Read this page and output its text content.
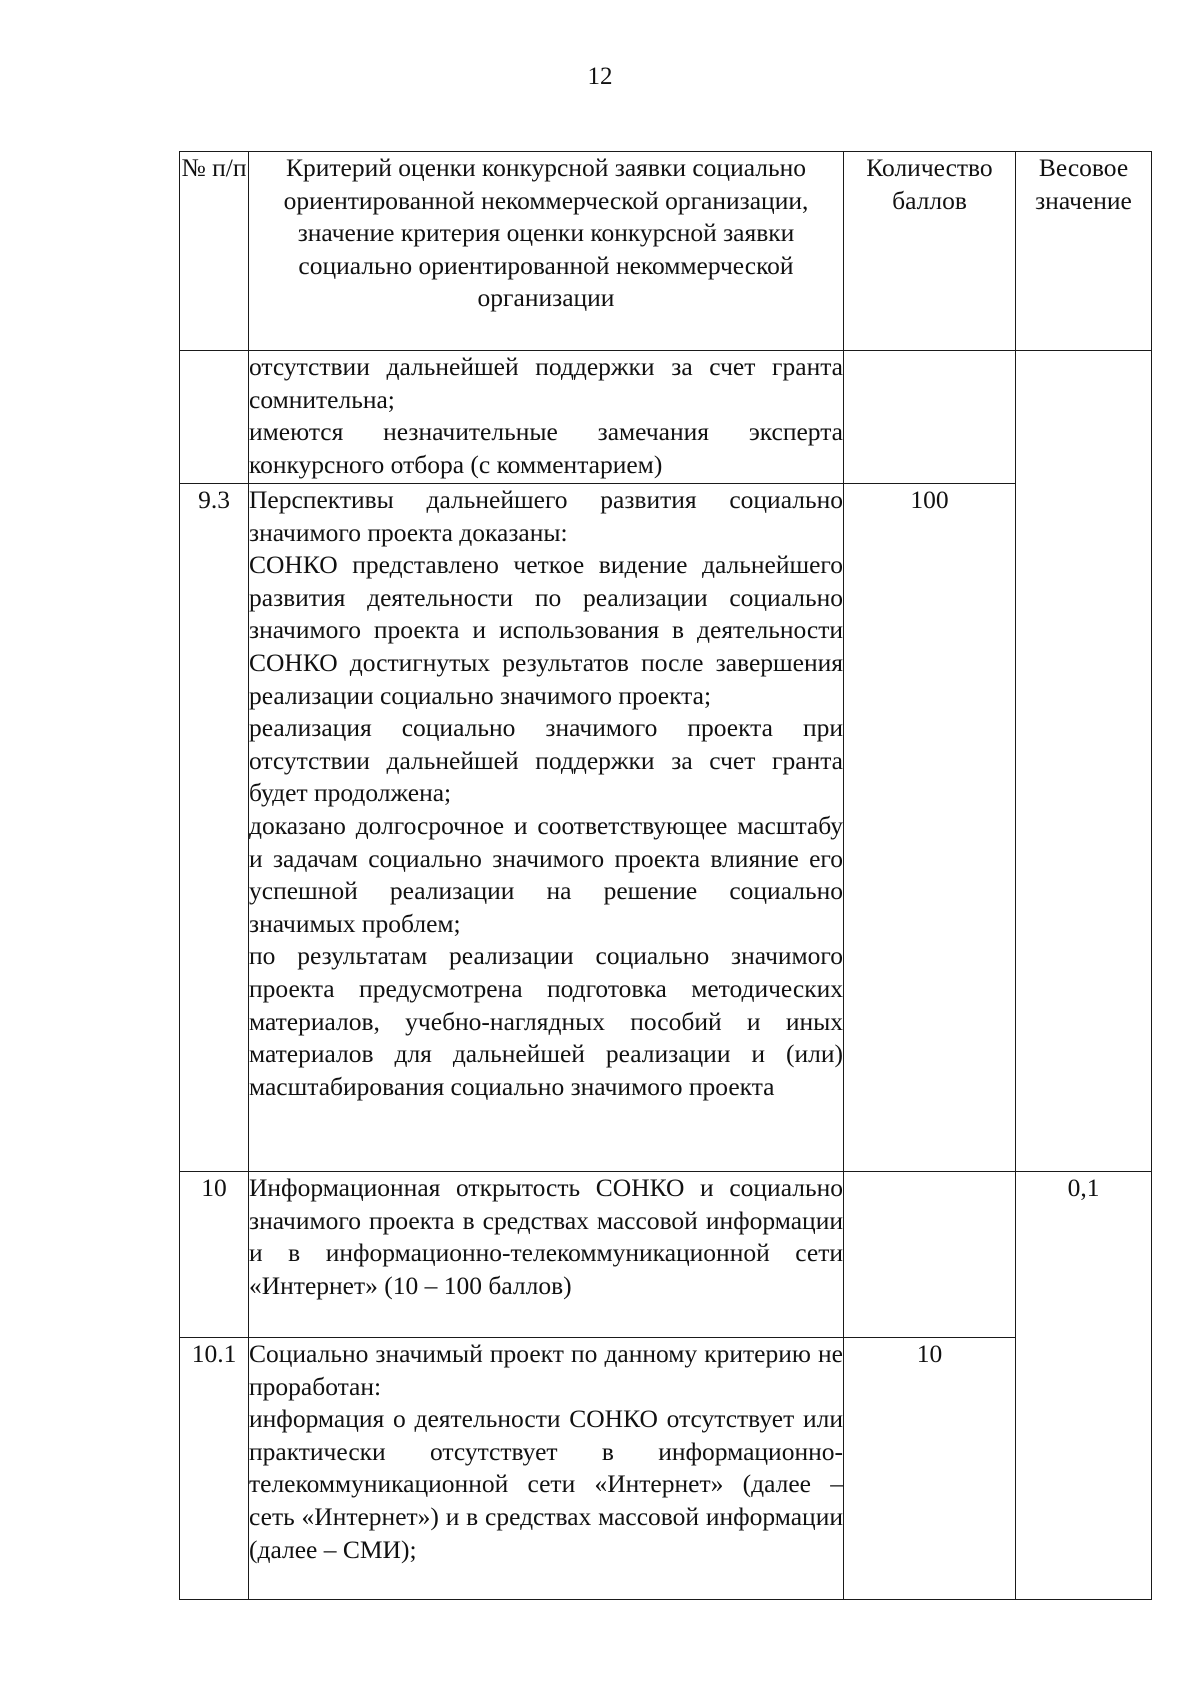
12
№ п/п	Критерий оценки конкурсной заявки социально ориентированной некоммерческой организации, значение критерия оценки конкурсной заявки социально ориентированной некоммерческой организации	Количество баллов	Весовое значение

	отсутствии дальнейшей поддержки за счет гранта сомнительна;
имеются незначительные замечания эксперта конкурсного отбора (с комментарием)		

9.3	Перспективы дальнейшего развития социально значимого проекта доказаны:
СОНКО представлено четкое видение дальнейшего развития деятельности по реализации социально значимого проекта и использования в деятельности СОНКО достигнутых результатов после завершения реализации социально значимого проекта;
реализация социально значимого проекта при отсутствии дальнейшей поддержки за счет гранта будет продолжена;
доказано долгосрочное и соответствующее масштабу и задачам социально значимого проекта влияние его успешной реализации на решение социально значимых проблем;
по результатам реализации социально значимого проекта предусмотрена подготовка методических материалов, учебно-наглядных пособий и иных материалов для дальнейшей реализации и (или) масштабирования социально значимого проекта	100	
10	Информационная открытость СОНКО и социально значимого проекта в средствах массовой информации и в информационно-телекоммуникационной сети «Интернет» (10 – 100 баллов)		0,1
10.1	Социально значимый проект по данному критерию не проработан:
информация о деятельности СОНКО отсутствует или практически отсутствует в информационно-телекоммуникационной сети «Интернет» (далее – сеть «Интернет») и в средствах массовой информации (далее – СМИ);	10	
